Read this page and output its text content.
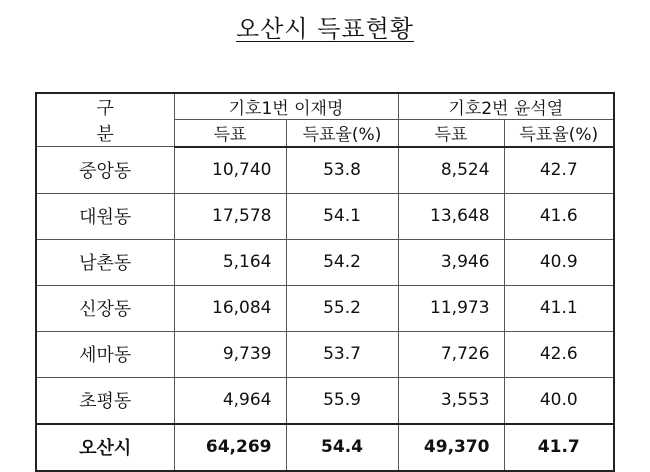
오산시 득표현황
구 분	기호1번 이재명		기호2번 윤석열	
	득표	득표율(%)	득표	득표율(%)
중앙동	10,740	53.8	8,524	42.7
대원동	17,578	54.1	13,648	41.6
남촌동	5,164	54.2	3,946	40.9
신장동	16,084	55.2	11,973	41.1
세마동	9,739	53.7	7,726	42.6
초평동	4,964	55.9	3,553	40.0
오산시	64,269	54.4	49,370	41.7
